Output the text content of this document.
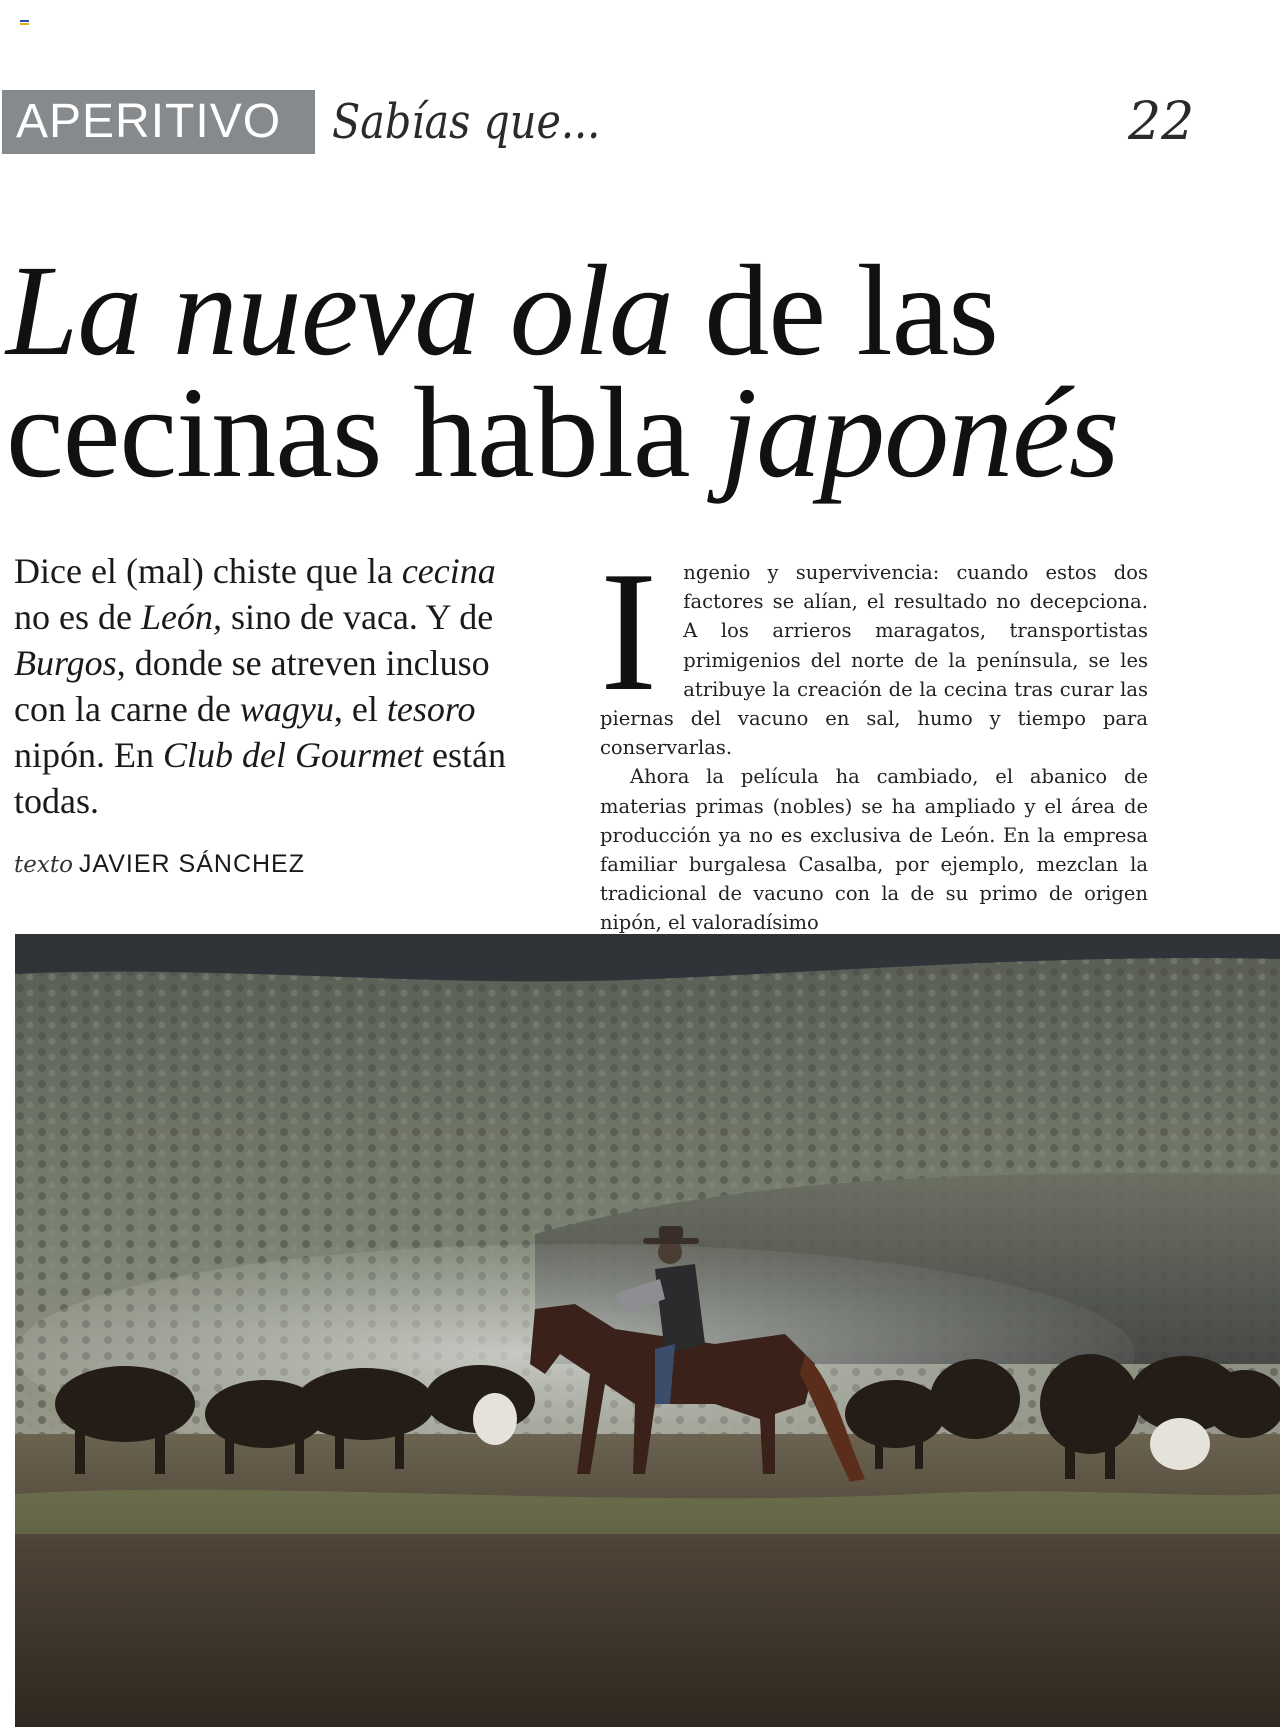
APERITIVO Sabías que...	22
La nueva ola de las
cecinas habla japonés
Dice el (mal) chiste que la cecina no es de León, sino de vaca. Y de Burgos, donde se atreven incluso con la carne de wagyu, el tesoro nipón. En Club del Gourmet están todas.
texto JAVIER SÁNCHEZ
I	ngenio y supervivencia: cuando estos dos factores se alían, el resultado no decepciona. A los arrieros maragatos, transportistas primigenios del norte de la península, se les atribuye la creación de la cecina tras curar las piernas del vacuno en sal, humo y tiempo para conservarlas.

Ahora la película ha cambiado, el abanico de materias primas (nobles) se ha ampliado y el área de producción ya no es exclusiva de León. En la empresa familiar burgalesa Casalba, por ejemplo, mezclan la tradicional de vacuno con la de su primo de origen nipón, el valoradísimo
